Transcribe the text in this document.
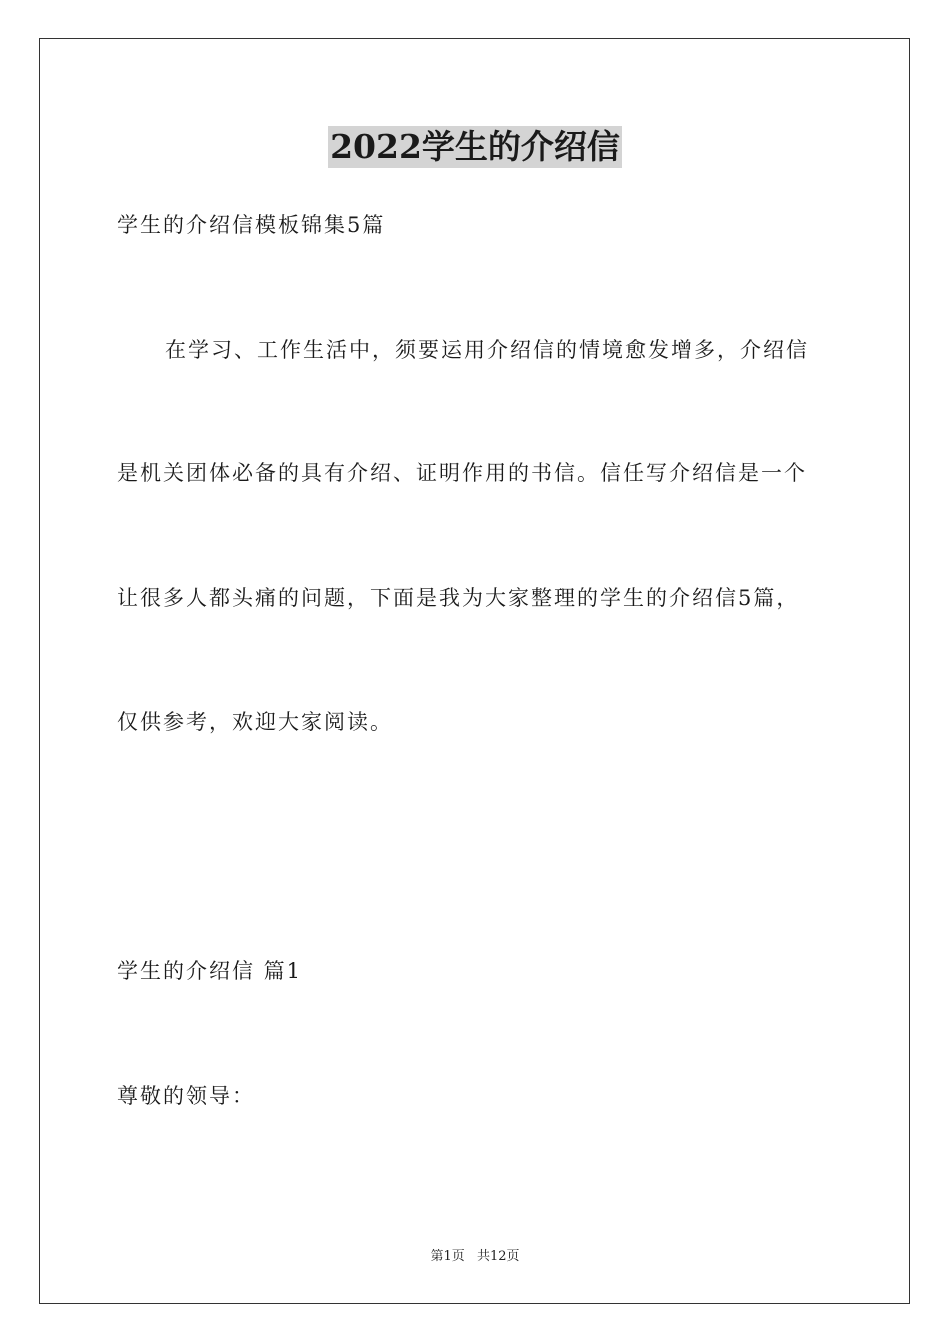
2022学生的介绍信
学生的介绍信模板锦集5篇
在学习、工作生活中，须要运用介绍信的情境愈发增多，介绍信
是机关团体必备的具有介绍、证明作用的书信。信任写介绍信是一个
让很多人都头痛的问题，下面是我为大家整理的学生的介绍信5篇，
仅供参考，欢迎大家阅读。
学生的介绍信 篇1
尊敬的领导：
第1页 共12页
